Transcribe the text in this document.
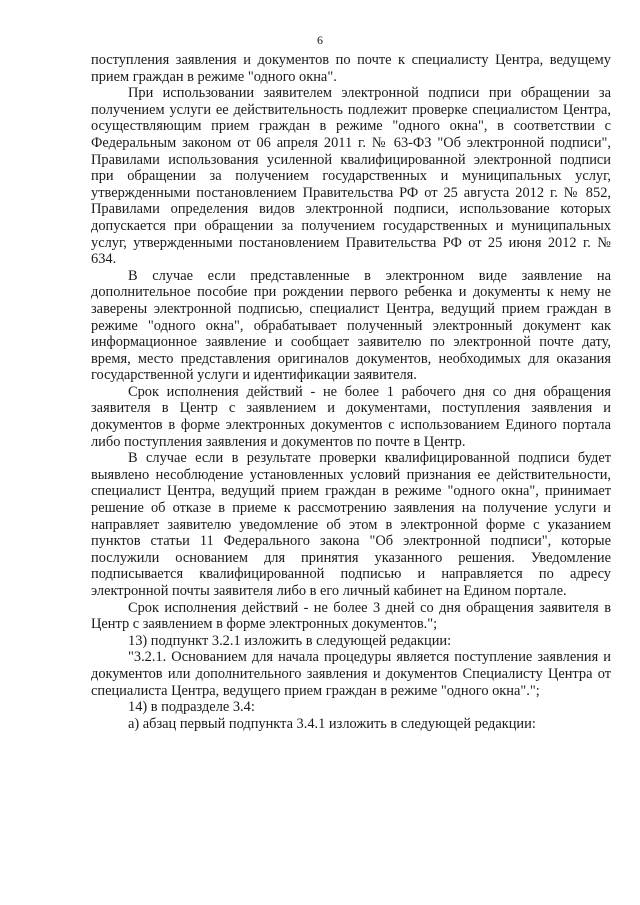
6

поступления заявления и документов по почте к специалисту Центра, ведущему прием граждан в режиме "одного окна".

При использовании заявителем электронной подписи при обращении за получением услуги ее действительность подлежит проверке специалистом Центра, осуществляющим прием граждан в режиме "одного окна", в соответствии с Федеральным законом от 06 апреля 2011 г. № 63-ФЗ "Об электронной подписи", Правилами использования усиленной квалифицированной электронной подписи при обращении за получением государственных и муниципальных услуг, утвержденными постановлением Правительства РФ от 25 августа 2012 г. № 852, Правилами определения видов электронной подписи, использование которых допускается при обращении за получением государственных и муниципальных услуг, утвержденными постановлением Правительства РФ от 25 июня 2012 г. № 634.

В случае если представленные в электронном виде заявление на дополнительное пособие при рождении первого ребенка и документы к нему не заверены электронной подписью, специалист Центра, ведущий прием граждан в режиме "одного окна", обрабатывает полученный электронный документ как информационное заявление и сообщает заявителю по электронной почте дату, время, место представления оригиналов документов, необходимых для оказания государственной услуги и идентификации заявителя.

Срок исполнения действий - не более 1 рабочего дня со дня обращения заявителя в Центр с заявлением и документами, поступления заявления и документов в форме электронных документов с использованием Единого портала либо поступления заявления и документов по почте в Центр.

В случае если в результате проверки квалифицированной подписи будет выявлено несоблюдение установленных условий признания ее действительности, специалист Центра, ведущий прием граждан в режиме "одного окна", принимает решение об отказе в приеме к рассмотрению заявления на получение услуги и направляет заявителю уведомление об этом в электронной форме с указанием пунктов статьи 11 Федерального закона "Об электронной подписи", которые послужили основанием для принятия указанного решения. Уведомление подписывается квалифицированной подписью и направляется по адресу электронной почты заявителя либо в его личный кабинет на Едином портале.

Срок исполнения действий - не более 3 дней со дня обращения заявителя в Центр с заявлением в форме электронных документов.";

13) подпункт 3.2.1 изложить в следующей редакции:

"3.2.1. Основанием для начала процедуры является поступление заявления и документов или дополнительного заявления и документов Специалисту Центра от специалиста Центра, ведущего прием граждан в режиме "одного окна".";

14) в подразделе 3.4:

а) абзац первый подпункта 3.4.1 изложить в следующей редакции:
